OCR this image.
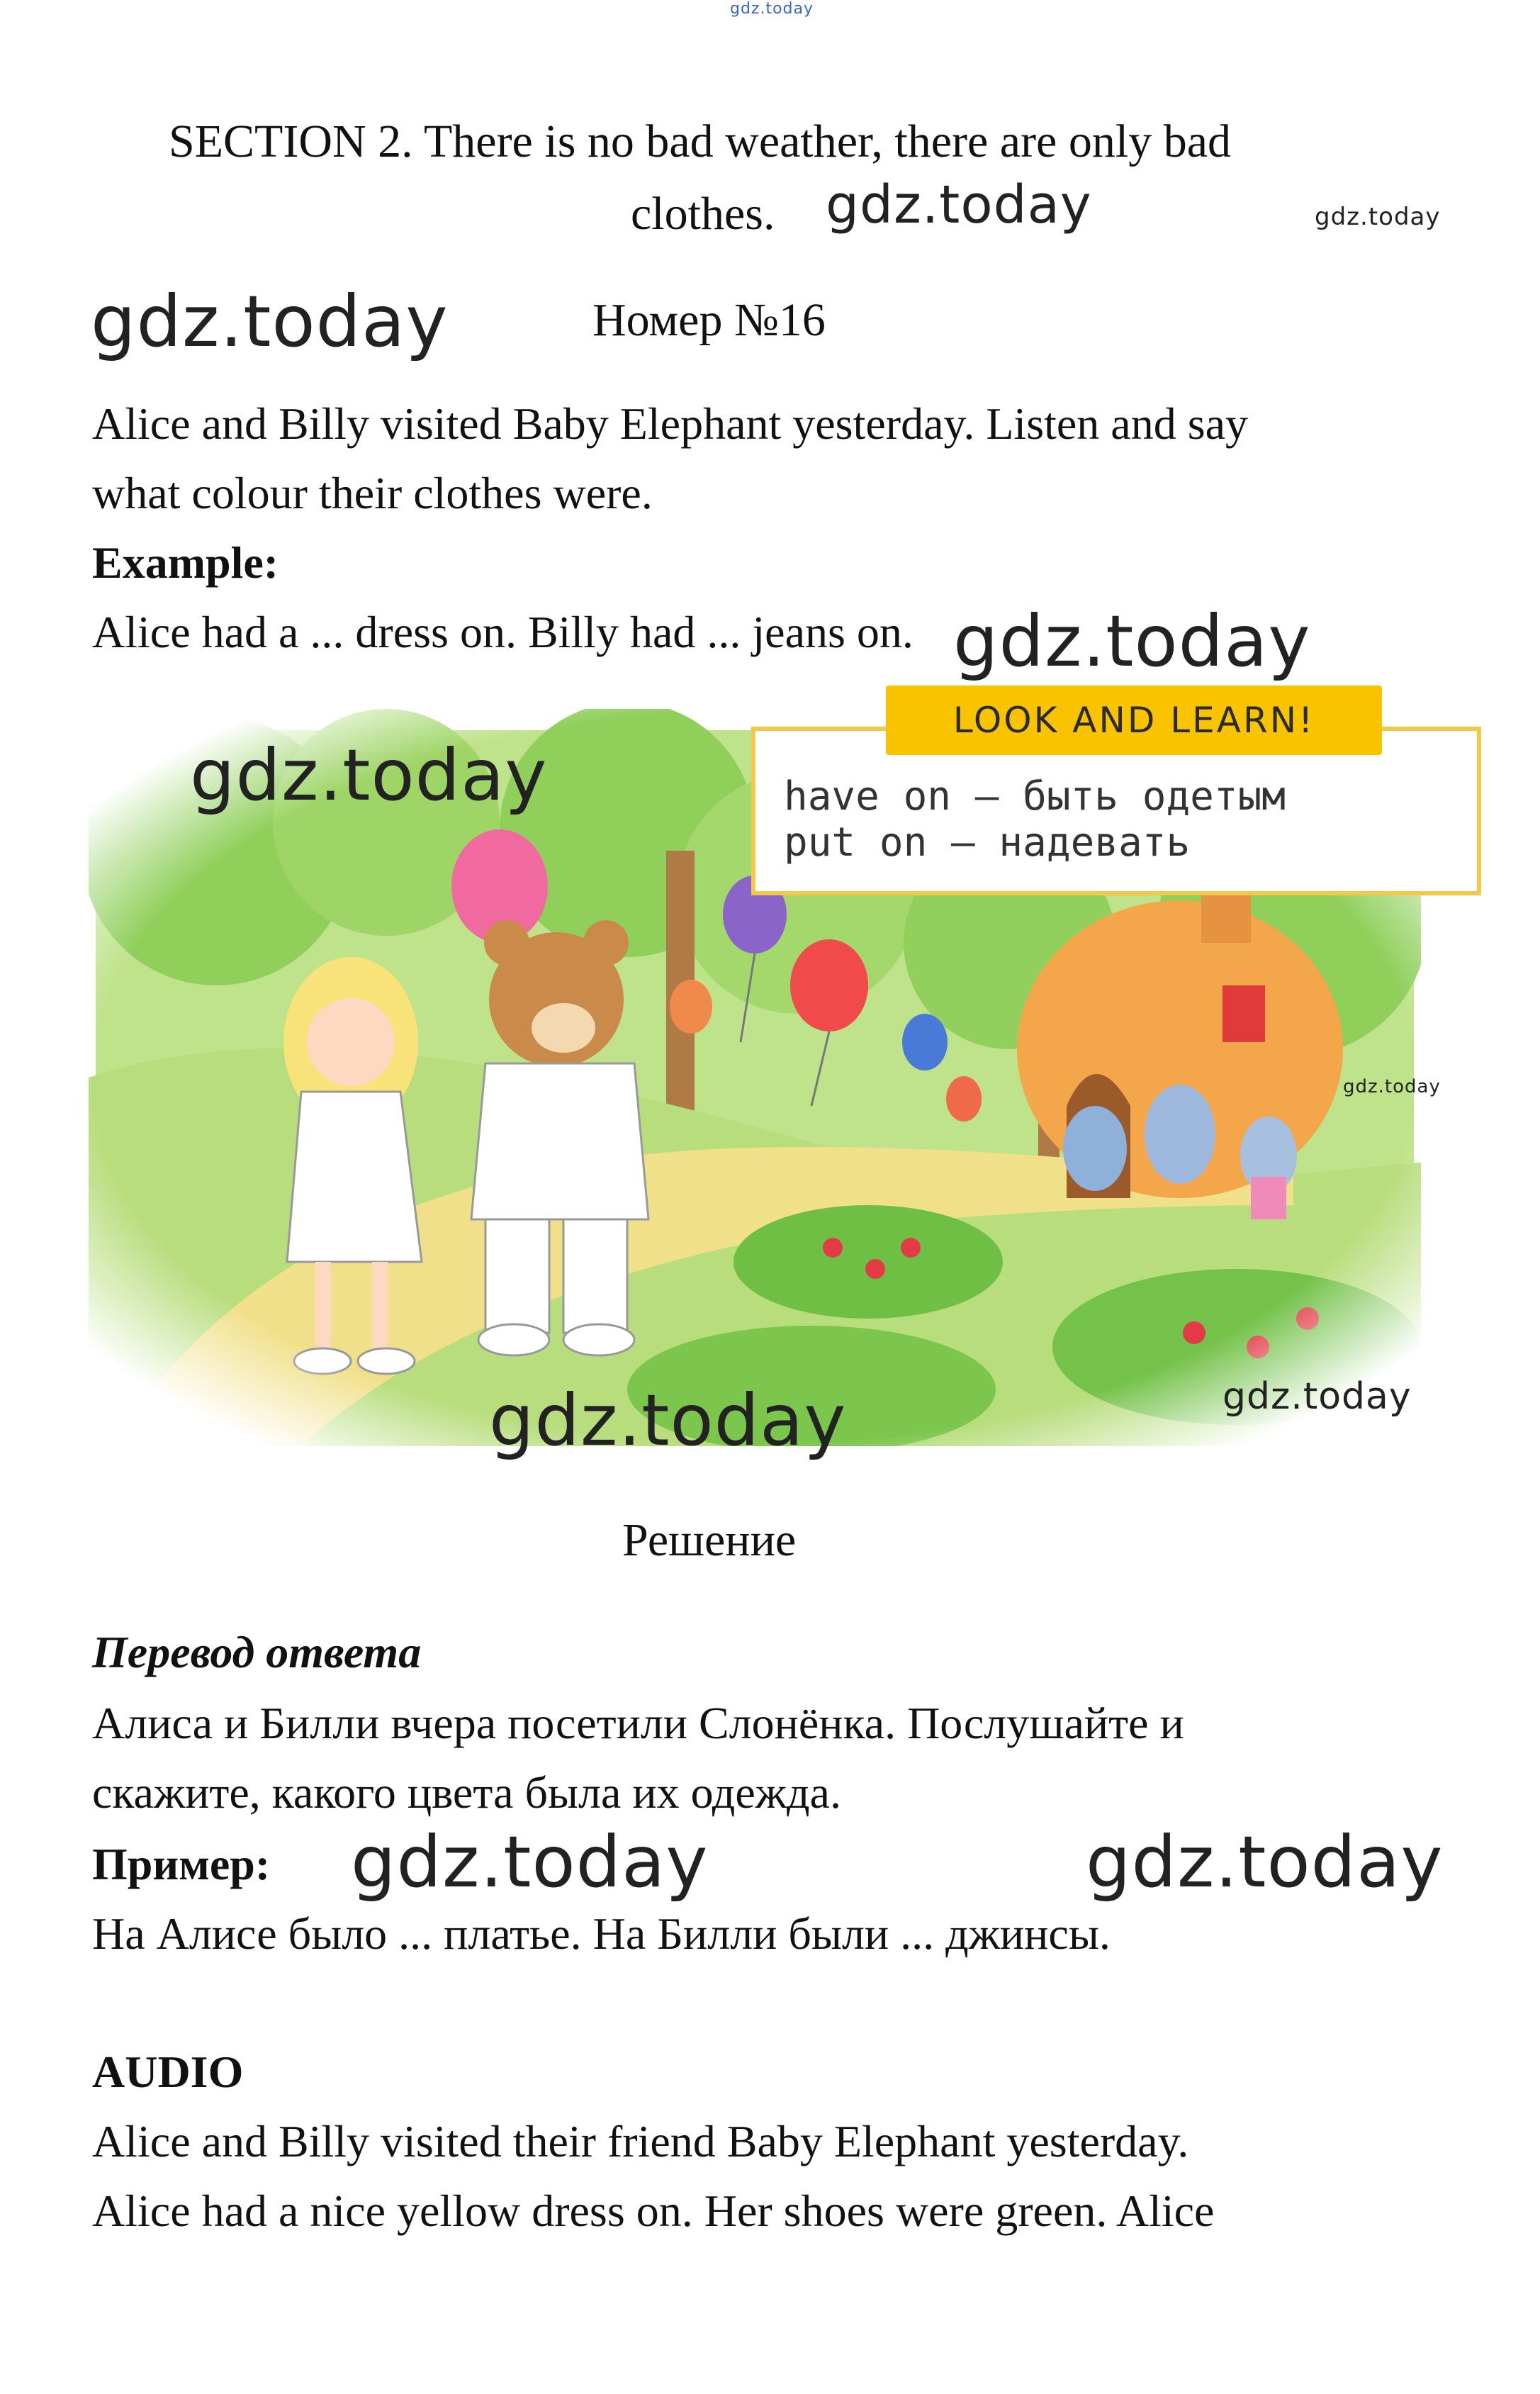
gdz.today
SECTION 2. There is no bad weather, there are only bad
clothes. gdz.today	gdz.today
gdz.today	Номер №16
Alice and Billy visited Baby Elephant yesterday. Listen and say
what colour their clothes were.
Example:
Alice had a ... dress on. Billy had ... jeans on. gdz.today
gdz.today
gdz.today
gdz.today
gdz.today
have on — быть одетым
put on — надевать
LOOK AND LEARN!
Решение
Перевод ответа
Алиса и Билли вчера посетили Слонёнка. Послушайте и
скажите, какого цвета была их одежда.
Пример: gdz.today	gdz.today
На Алисе было ... платье. На Билли были ... джинсы.
AUDIO
Alice and Billy visited their friend Baby Elephant yesterday.
Alice had a nice yellow dress on. Her shoes were green. Alice
